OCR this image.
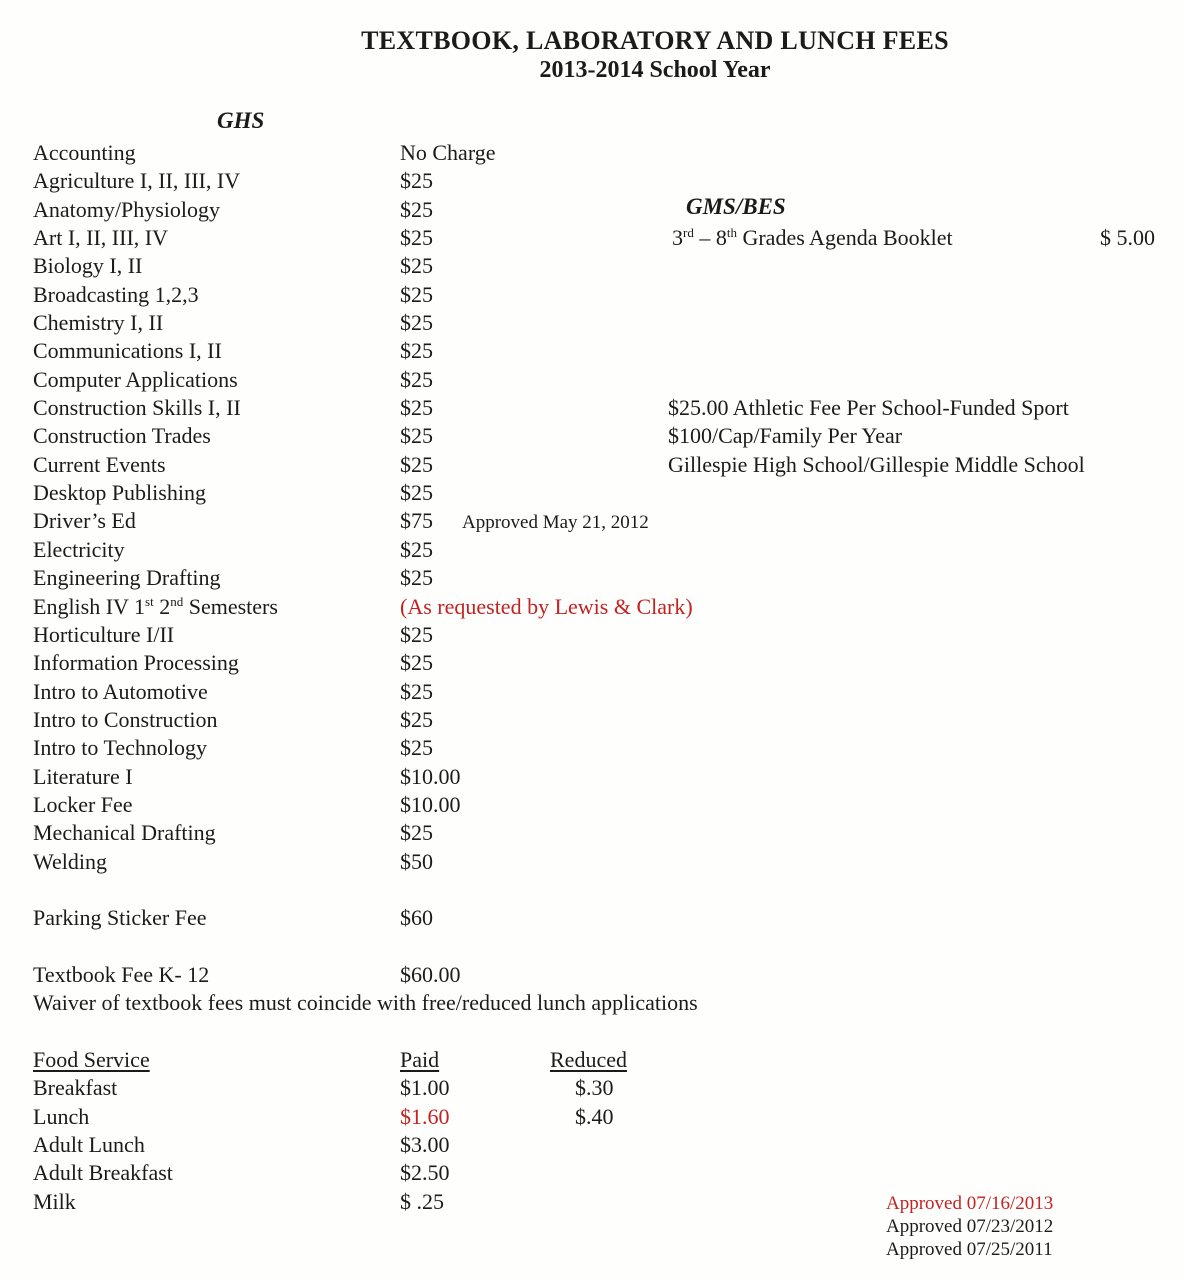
TEXTBOOK, LABORATORY AND LUNCH FEES
2013-2014 School Year
GHS
GMS/BES
3rd – 8th Grades Agenda Booklet	$ 5.00
$25.00 Athletic Fee Per School-Funded Sport
$100/Cap/Family Per Year
Gillespie High School/Gillespie Middle School
Accounting	No Charge
Agriculture I, II, III, IV	$25
Anatomy/Physiology	$25
Art I, II, III, IV	$25
Biology I, II	$25
Broadcasting 1,2,3	$25
Chemistry I, II	$25
Communications I, II	$25
Computer Applications	$25
Construction Skills I, II	$25
Construction Trades	$25
Current Events	$25
Desktop Publishing	$25
Driver’s Ed	$75	Approved May 21, 2012
Electricity	$25
Engineering Drafting	$25
English IV 1st 2nd Semesters	(As requested by Lewis & Clark)
Horticulture I/II	$25
Information Processing	$25
Intro to Automotive	$25
Intro to Construction	$25
Intro to Technology	$25
Literature I	$10.00
Locker Fee	$10.00
Mechanical Drafting	$25
Welding	$50
Parking Sticker Fee	$60
Textbook Fee K- 12	$60.00
Waiver of textbook fees must coincide with free/reduced lunch applications
Food Service	Paid	Reduced
Breakfast	$1.00	$.30
Lunch	$1.60	$.40
Adult Lunch	$3.00
Adult Breakfast	$2.50
Milk	$ .25	Approved 07/16/2013
Approved 07/23/2012
Approved 07/25/2011
